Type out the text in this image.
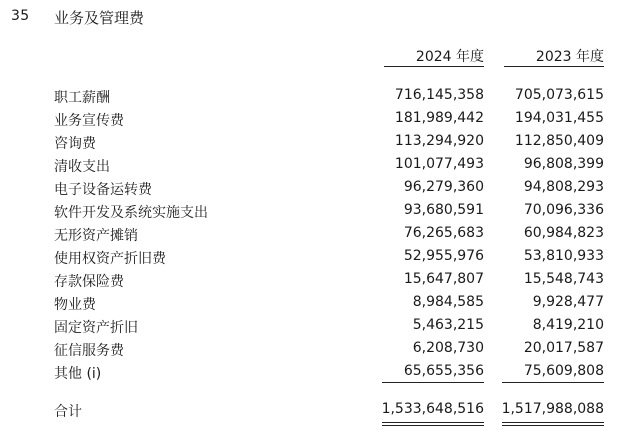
35 业务及管理费
2024 年度	2023 年度
职工薪酬	716,145,358	705,073,615
业务宣传费	181,989,442	194,031,455
咨询费	113,294,920	112,850,409
清收支出	101,077,493	96,808,399
电子设备运转费	96,279,360	94,808,293
软件开发及系统实施支出	93,680,591	70,096,336
无形资产摊销	76,265,683	60,984,823
使用权资产折旧费	52,955,976	53,810,933
存款保险费	15,647,807	15,548,743
物业费	8,984,585	9,928,477
固定资产折旧	5,463,215	8,419,210
征信服务费	6,208,730	20,017,587
其他 (i)	65,655,356	75,609,808
合计	1,533,648,516	1,517,988,088
